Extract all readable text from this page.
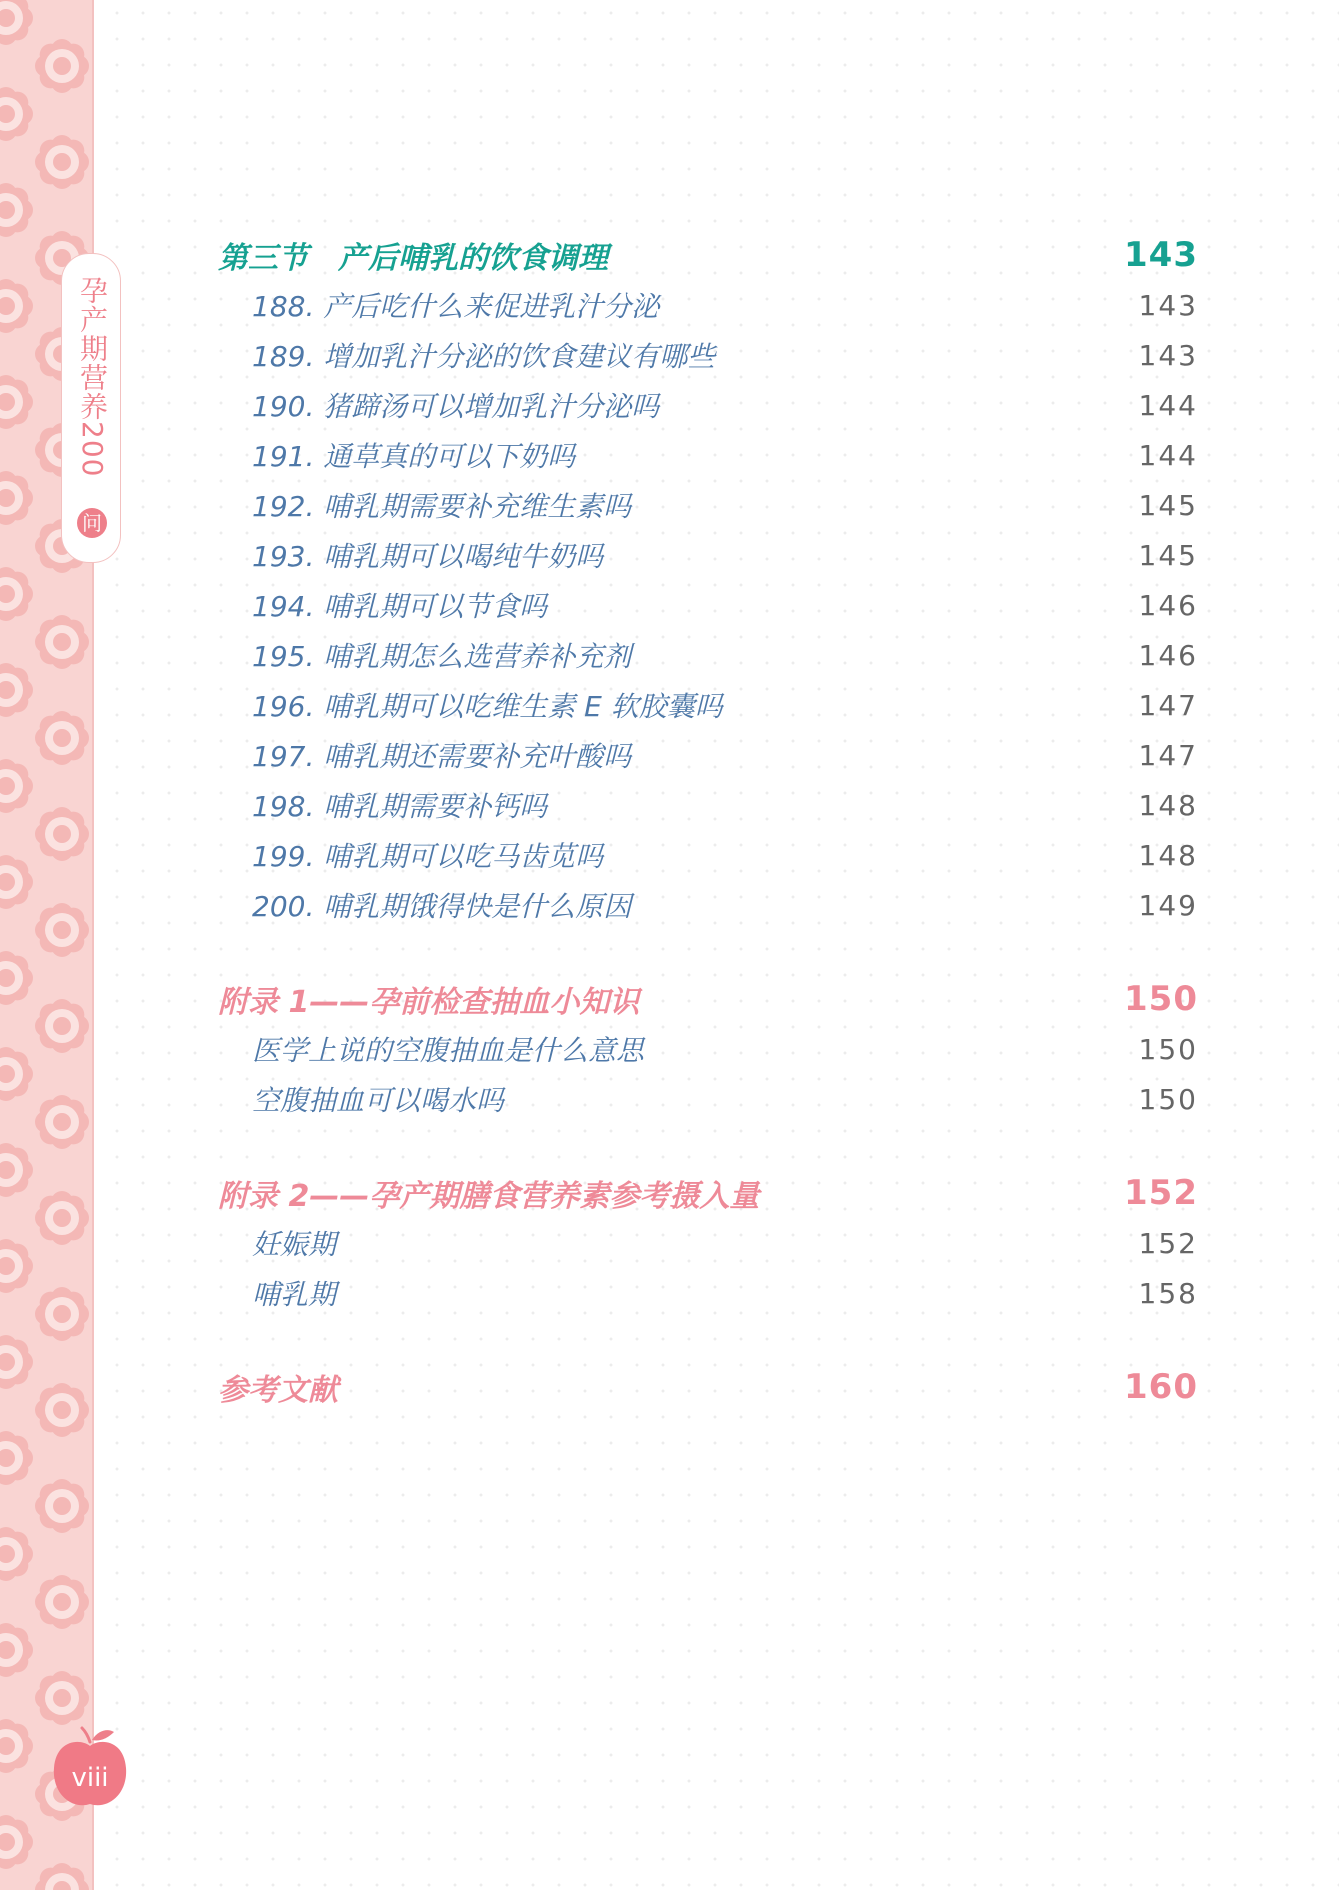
孕产期营养200
问
viii
第三节　产后哺乳的饮食调理	143
188. 产后吃什么来促进乳汁分泌	143
189. 增加乳汁分泌的饮食建议有哪些	143
190. 猪蹄汤可以增加乳汁分泌吗	144
191. 通草真的可以下奶吗	144
192. 哺乳期需要补充维生素吗	145
193. 哺乳期可以喝纯牛奶吗	145
194. 哺乳期可以节食吗	146
195. 哺乳期怎么选营养补充剂	146
196. 哺乳期可以吃维生素 E 软胶囊吗	147
197. 哺乳期还需要补充叶酸吗	147
198. 哺乳期需要补钙吗	148
199. 哺乳期可以吃马齿苋吗	148
200. 哺乳期饿得快是什么原因	149
附录 1——孕前检查抽血小知识	150
医学上说的空腹抽血是什么意思	150
空腹抽血可以喝水吗	150
附录 2——孕产期膳食营养素参考摄入量	152
妊娠期	152
哺乳期	158
参考文献	160
